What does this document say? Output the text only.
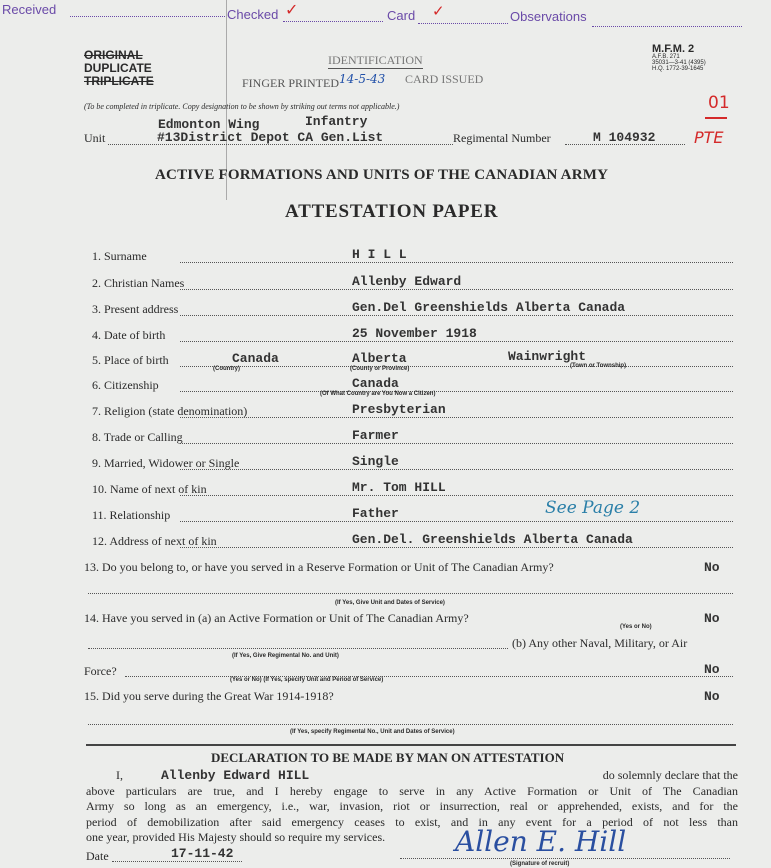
Received	Checked ✓	Card ✓	Observations
ORIGINAL
DUPLICATE
TRIPLICATE
IDENTIFICATION
FINGER PRINTED 14-5-43 CARD ISSUED
M.F.M. 2
A.F.B. 271
35031—3-41 (4395)
H.Q. 1772-39-1645
(To be completed in triplicate. Copy designation to be shown by striking out terms not applicable.)	01
Edmonton Wing	Infantry
Unit	#13District Depot CA Gen.List	Regimental Number	M 104932 PTE
ACTIVE FORMATIONS AND UNITS OF THE CANADIAN ARMY
ATTESTATION PAPER
1. Surname	H I L L
2. Christian Names	Allenby Edward
3. Present address	Gen.Del Greenshields Alberta Canada
4. Date of birth	25 November 1918
5. Place of birth	Canada	Alberta	Wainwright
(Country)	(County or Province)	(Town or Township)
6. Citizenship	Canada
(Of What Country are You Now a Citizen)
7. Religion (state denomination)	Presbyterian
8. Trade or Calling	Farmer
9. Married, Widower or Single	Single
10. Name of next of kin	Mr. Tom HILL
11. Relationship	Father	See Page 2
12. Address of next of kin	Gen.Del. Greenshields Alberta Canada
13. Do you belong to, or have you served in a Reserve Formation or Unit of The Canadian Army?	No
(If Yes, Give Unit and Dates of Service)
14. Have you served in (a) an Active Formation or Unit of The Canadian Army?	No
(Yes or No)
(b) Any other Naval, Military, or Air
(If Yes, Give Regimental No. and Unit)
Force?	No
(Yes or No) (If Yes, specify Unit and Period of Service)
15. Did you serve during the Great War 1914-1918?	No
(If Yes, specify Regimental No., Unit and Dates of Service)
DECLARATION TO BE MADE BY MAN ON ATTESTATION
I,	Allenby Edward HILL	do solemnly declare that the
above particulars are true, and I hereby engage to serve in any Active Formation or Unit of The Canadian
Army so long as an emergency, i.e., war, invasion, riot or insurrection, real or apprehended, exists, and for the
period of demobilization after said emergency ceases to exist, and in any event for a period of not less than
one year, provided His Majesty should so require my services.
Date	17-11-42	Allen E. Hill
(Signature of recruit)
